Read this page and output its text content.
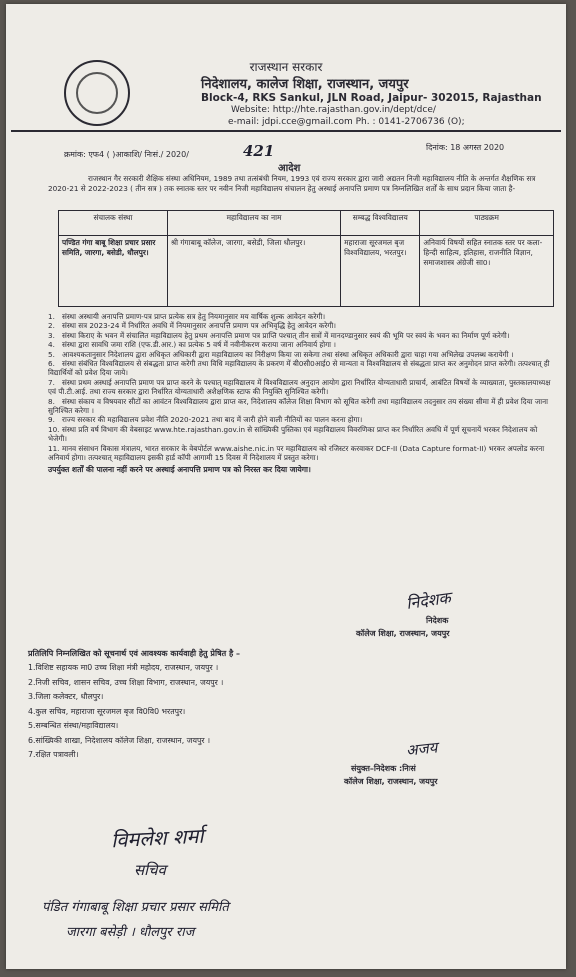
राजस्थान सरकार
निदेशालय, कालेज शिक्षा, राजस्थान, जयपुर
Block-4, RKS Sankul, JLN Road, Jaipur- 302015, Rajasthan
Website: http://hte.rajasthan.gov.in/dept/dce/
e-mail: jdpi.cce@gmail.com Ph. : 0141-2706736 (O);
क्रमांक: एफ4 ( )आकाशि/ निःसं./ 2020/	421	दिनांक: 18 अगस्त 2020
आदेश
राजस्थान गैर सरकारी शैक्षिक संस्था अधिनियम, 1989 तथा तत्संबंधी नियम, 1993 एवं राज्य सरकार द्वारा जारी अद्यतन निजी महाविद्यालय नीति के अन्तर्गत शैक्षणिक सत्र 2020-21 से 2022-2023 ( तीन सत्र ) तक स्नातक स्तर पर नवीन निजी महाविद्यालय संचालन हेतु अस्थाई अनापत्ति प्रमाण पत्र निम्नलिखित शर्तों के साथ प्रदान किया जाता है-
संचालक संस्था	महाविद्यालय का नाम	सम्बद्ध विश्वविद्यालय	पाठ्यक्रम
पण्डित गंगा बाबू शिक्षा प्रचार प्रसार समिति, जारगा, बसेडी, धौलपुर।	श्री गंगाबाबू कॉलेज, जारगा, बसेडी, जिला धौलपुर।	महाराजा सूरजमल बृज विश्वविद्यालय, भरतपुर।	अनिवार्य विषयों सहित स्नातक स्तर पर कला- हिन्दी साहित्य, इतिहास, राजनीति विज्ञान, समाजशास्त्र अंग्रेजी सा0।
1. संस्था अस्थायी अनापत्ति प्रमाण-पत्र प्राप्त प्रत्येक सत्र हेतु नियमानुसार मय वार्षिक शुल्क आवेदन करेगी।
2. संस्था सत्र 2023-24 में निर्धारित अवधि में नियमानुसार अनापत्ति प्रमाण पत्र अभिवृद्धि हेतु आवेदन करेगी।
3. संस्था किराए के भवन में संचालित महाविद्यालय हेतु प्रथम अनापत्ति प्रमाण पत्र प्राप्ति पश्चात् तीन सत्रों में मानदण्डानुसार स्वयं की भूमि पर स्वयं के भवन का निर्माण पूर्ण करेगी।
4. संस्था द्वारा सावधि जमा राशि (एफ.डी.आर.) का प्रत्येक 5 वर्ष में नवीनीकरण कराया जाना अनिवार्य होगा ।
5. आवश्यकतानुसार निदेशालय द्वारा अधिकृत अधिकारी द्वारा महाविद्यालय का निरीक्षण किया जा सकेगा तथा संस्था अधिकृत अधिकारी द्वारा चाहा गया अभिलेख उपलब्ध करायेगी ।
6. संस्था संबंधित विश्वविद्यालय से संबद्धता प्राप्त करेगी तथा विधि महाविद्यालय के प्रकरण में बी0सी0आई0 से मान्यता व विश्वविद्यालय से संबद्धता प्राप्त कर अनुमोदन प्राप्त करेगी। तत्पश्चात् ही विद्यार्थियों को प्रवेश दिया जाये।
7. संस्था प्रथम अस्थाई अनापत्ति प्रमाण पत्र प्राप्त करने के पश्चात् महाविद्यालय में विश्वविद्यालय अनुदान आयोग द्वारा निर्धारित योग्यताधारी प्राचार्य, आबंटित विषयों के व्याख्याता, पुस्तकालयाध्यक्ष एवं पी.टी.आई. तथा राज्य सरकार द्वारा निर्धारित योग्यताधारी अशैक्षणिक स्टाफ की नियुक्ति सुनिश्चित करेगी।
8. संस्था संकाय व विषयवार सीटों का आवंटन विश्वविद्यालय द्वारा प्राप्त कर, निदेशालय कॉलेज शिक्षा विभाग को सूचित करेगी तथा महाविद्यालय तदनुसार तय संख्या सीमा में ही प्रवेश दिया जाना सुनिश्चित करेगा ।
9. राज्य सरकार की महाविद्यालय प्रवेश नीति 2020-2021 तथा बाद में जारी होने वाली नीतियों का पालन करना होगा।
10. संस्था प्रति वर्ष विभाग की वेबसाइट www.hte.rajasthan.gov.in से सांख्यिकी पुस्तिका एवं महाविद्यालय विवरणिका प्राप्त कर निर्धारित अवधि में पूर्ण सूचनायें भरकर निदेशालय को भेजेगी।
11. मानव संसाधन विकास मंत्रालय, भारत सरकार के वेबपोर्टल www.aishe.nic.in पर महाविद्यालय को रजिस्टर करवाकर DCF-II (Data Capture format-II) भरकर अपलोड करना अनिवार्य होगा। तत्पश्चात् महाविद्यालय इसकी हार्ड कॉपी आगामी 15 दिवस में निदेशालय में प्रस्तुत करेगा।
उपर्युक्त शर्तों की पालना नहीं करने पर अस्थाई अनापत्ति प्रमाण पत्र को निरस्त कर दिया जायेगा।
निदेशक
निदेशक
कॉलेज शिक्षा, राजस्थान, जयपुर
प्रतिलिपि निम्नलिखित को सूचनार्थ एवं आवश्यक कार्यवाही हेतु प्रेषित है –
1.विशिष्ट सहायक मा0 उच्च शिक्षा मंत्री महोदय, राजस्थान, जयपुर ।
2.निजी सचिव, शासन सचिव, उच्च शिक्षा विभाग, राजस्थान, जयपुर ।
3.जिला कलेक्टर, धौलपुर।
4.कुल सचिव, महाराजा सूरजमल बृज वि0वि0 भरतपुर।
5.सम्बन्धित संस्था/महाविद्यालय।
6.सांख्यिकी शाखा, निदेशालय कॉलेज शिक्षा, राजस्थान, जयपुर ।
7.रक्षित पत्रावली।	अजय
संयुक्त–निदेशक :निःसं
कॉलेज शिक्षा, राजस्थान, जयपुर
विमलेश शर्मा
सचिव
पंडित गंगाबाबू शिक्षा प्रचार प्रसार समिति
जारगा बसेड़ी । धौलपुर राज
